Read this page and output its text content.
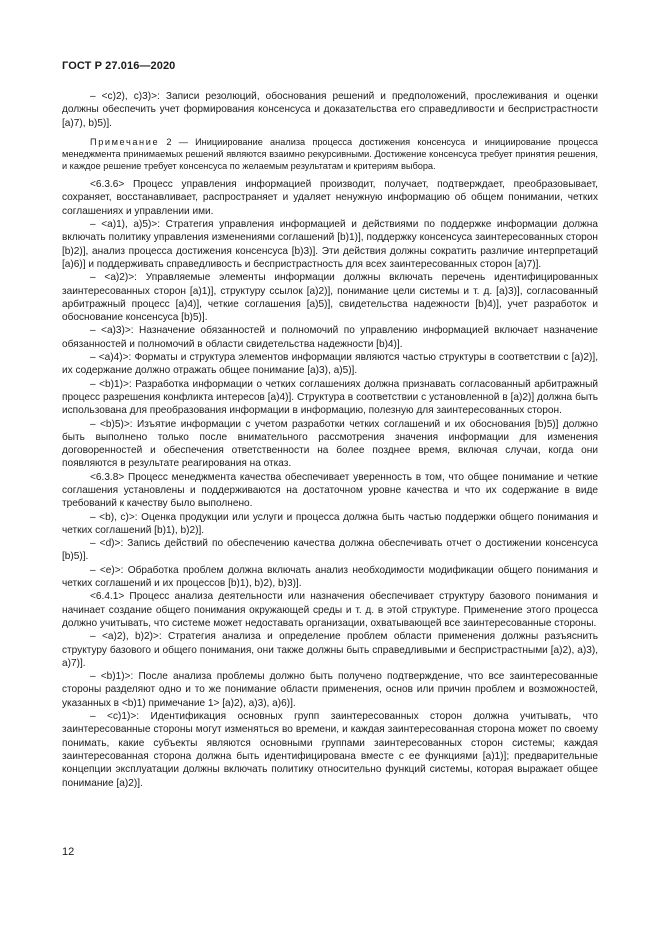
ГОСТ Р 27.016—2020

– <c)2), c)3)>: Записи резолюций, обоснования решений и предположений, прослеживания и оценки должны обеспечить учет формирования консенсуса и доказательства его справедливости и беспристрастности [a)7), b)5)].

Примечание 2 — Инициирование анализа процесса достижения консенсуса и инициирование процесса менеджмента принимаемых решений являются взаимно рекурсивными. Достижение консенсуса требует принятия решения, и каждое решение требует консенсуса по желаемым результатам и критериям выбора.

<6.3.6> Процесс управления информацией производит, получает, подтверждает, преобразовывает, сохраняет, восстанавливает, распространяет и удаляет ненужную информацию об общем понимании, четких соглашениях и управлении ими.

– <a)1), a)5)>: Стратегия управления информацией и действиями по поддержке информации должна включать политику управления изменениями соглашений [b)1)], поддержку консенсуса заинтересованных сторон [b)2)], анализ процесса достижения консенсуса [b)3)]. Эти действия должны сократить различие интерпретаций [a)6)] и поддерживать справедливость и беспристрастность для всех заинтересованных сторон [a)7)].

– <a)2)>: Управляемые элементы информации должны включать перечень идентифицированных заинтересованных сторон [a)1)], структуру ссылок [a)2)], понимание цели системы и т. д. [a)3)], согласованный арбитражный процесс [a)4)], четкие соглашения [a)5)], свидетельства надежности [b)4)], учет разработок и обоснование консенсуса [b)5)].

– <a)3)>: Назначение обязанностей и полномочий по управлению информацией включает назначение обязанностей и полномочий в области свидетельства надежности [b)4)].

– <a)4)>: Форматы и структура элементов информации являются частью структуры в соответствии с [a)2)], их содержание должно отражать общее понимание [a)3), a)5)].

– <b)1)>: Разработка информации о четких соглашениях должна признавать согласованный арбитражный процесс разрешения конфликта интересов [a)4)]. Структура в соответствии с установленной в [a)2)] должна быть использована для преобразования информации в информацию, полезную для заинтересованных сторон.

– <b)5)>: Изъятие информации с учетом разработки четких соглашений и их обоснования [b)5)] должно быть выполнено только после внимательного рассмотрения значения информации для изменения договоренностей и обеспечения ответственности на более позднее время, включая случаи, когда они появляются в результате реагирования на отказ.

<6.3.8> Процесс менеджмента качества обеспечивает уверенность в том, что общее понимание и четкие соглашения установлены и поддерживаются на достаточном уровне качества и что их содержание в виде требований к качеству было выполнено.

– <b), c)>: Оценка продукции или услуги и процесса должна быть частью поддержки общего понимания и четких соглашений [b)1), b)2)].

– <d)>: Запись действий по обеспечению качества должна обеспечивать отчет о достижении консенсуса [b)5)].

– <e)>: Обработка проблем должна включать анализ необходимости модификации общего понимания и четких соглашений и их процессов [b)1), b)2), b)3)].

<6.4.1> Процесс анализа деятельности или назначения обеспечивает структуру базового понимания и начинает создание общего понимания окружающей среды и т. д. в этой структуре. Применение этого процесса должно учитывать, что системе может недоставать организации, охватывающей все заинтересованные стороны.

– <a)2), b)2)>: Стратегия анализа и определение проблем области применения должны разъяснить структуру базового и общего понимания, они также должны быть справедливыми и беспристрастными [a)2), a)3), a)7)].

– <b)1)>: После анализа проблемы должно быть получено подтверждение, что все заинтересованные стороны разделяют одно и то же понимание области применения, основ или причин проблем и возможностей, указанных в <b)1) примечание 1> [a)2), a)3), a)6)].

– <c)1)>: Идентификация основных групп заинтересованных сторон должна учитывать, что заинтересованные стороны могут изменяться во времени, и каждая заинтересованная сторона может по своему понимать, какие субъекты являются основными группами заинтересованных сторон системы; каждая заинтересованная сторона должна быть идентифицирована вместе с ее функциями [a)1)]; предварительные концепции эксплуатации должны включать политику относительно функций системы, которая выражает общее понимание [a)2)].

12
